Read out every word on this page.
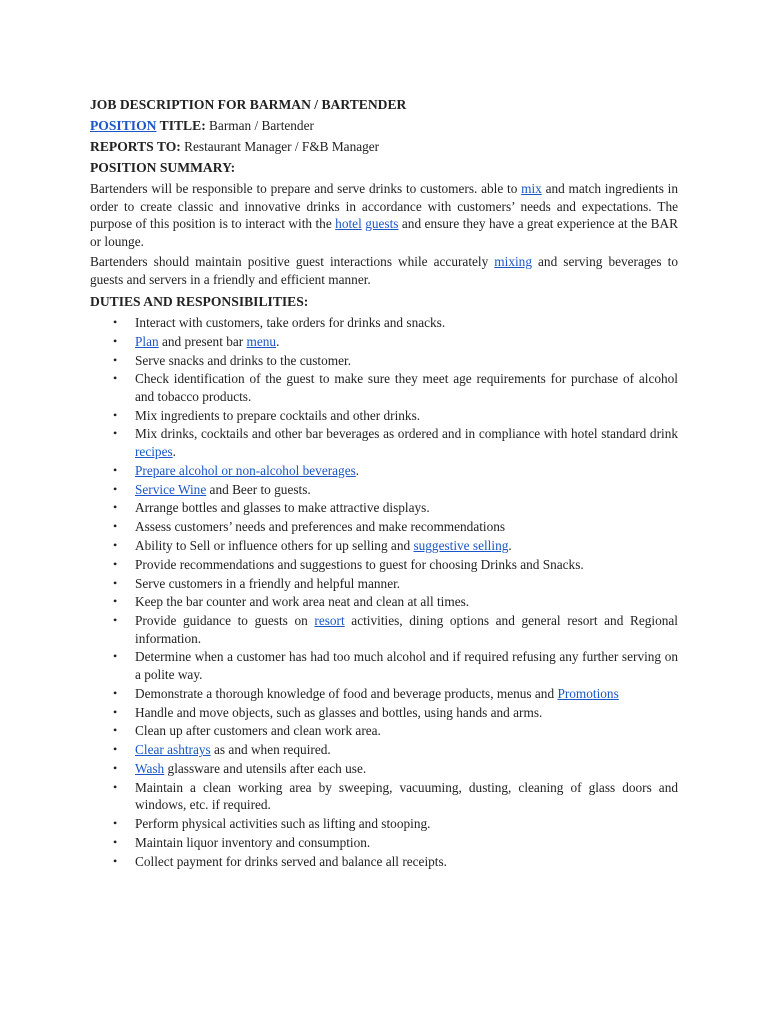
JOB DESCRIPTION FOR BARMAN / BARTENDER

POSITION TITLE: Barman / Bartender

REPORTS TO: Restaurant Manager / F&B Manager

POSITION SUMMARY:

Bartenders will be responsible to prepare and serve drinks to customers. able to mix and match ingredients in order to create classic and innovative drinks in accordance with customers’ needs and expectations. The purpose of this position is to interact with the hotel guests and ensure they have a great experience at the BAR or lounge.

Bartenders should maintain positive guest interactions while accurately mixing and serving beverages to guests and servers in a friendly and efficient manner.

DUTIES AND RESPONSIBILITIES:

• Interact with customers, take orders for drinks and snacks.
• Plan and present bar menu.
• Serve snacks and drinks to the customer.
• Check identification of the guest to make sure they meet age requirements for purchase of alcohol and tobacco products.
• Mix ingredients to prepare cocktails and other drinks.
• Mix drinks, cocktails and other bar beverages as ordered and in compliance with hotel standard drink recipes.
• Prepare alcohol or non-alcohol beverages.
• Service Wine and Beer to guests.
• Arrange bottles and glasses to make attractive displays.
• Assess customers’ needs and preferences and make recommendations
• Ability to Sell or influence others for up selling and suggestive selling.
• Provide recommendations and suggestions to guest for choosing Drinks and Snacks.
• Serve customers in a friendly and helpful manner.
• Keep the bar counter and work area neat and clean at all times.
• Provide guidance to guests on resort activities, dining options and general resort and Regional information.
• Determine when a customer has had too much alcohol and if required refusing any further serving on a polite way.
• Demonstrate a thorough knowledge of food and beverage products, menus and Promotions
• Handle and move objects, such as glasses and bottles, using hands and arms.
• Clean up after customers and clean work area.
• Clear ashtrays as and when required.
• Wash glassware and utensils after each use.
• Maintain a clean working area by sweeping, vacuuming, dusting, cleaning of glass doors and windows, etc. if required.
• Perform physical activities such as lifting and stooping.
• Maintain liquor inventory and consumption.
• Collect payment for drinks served and balance all receipts.
